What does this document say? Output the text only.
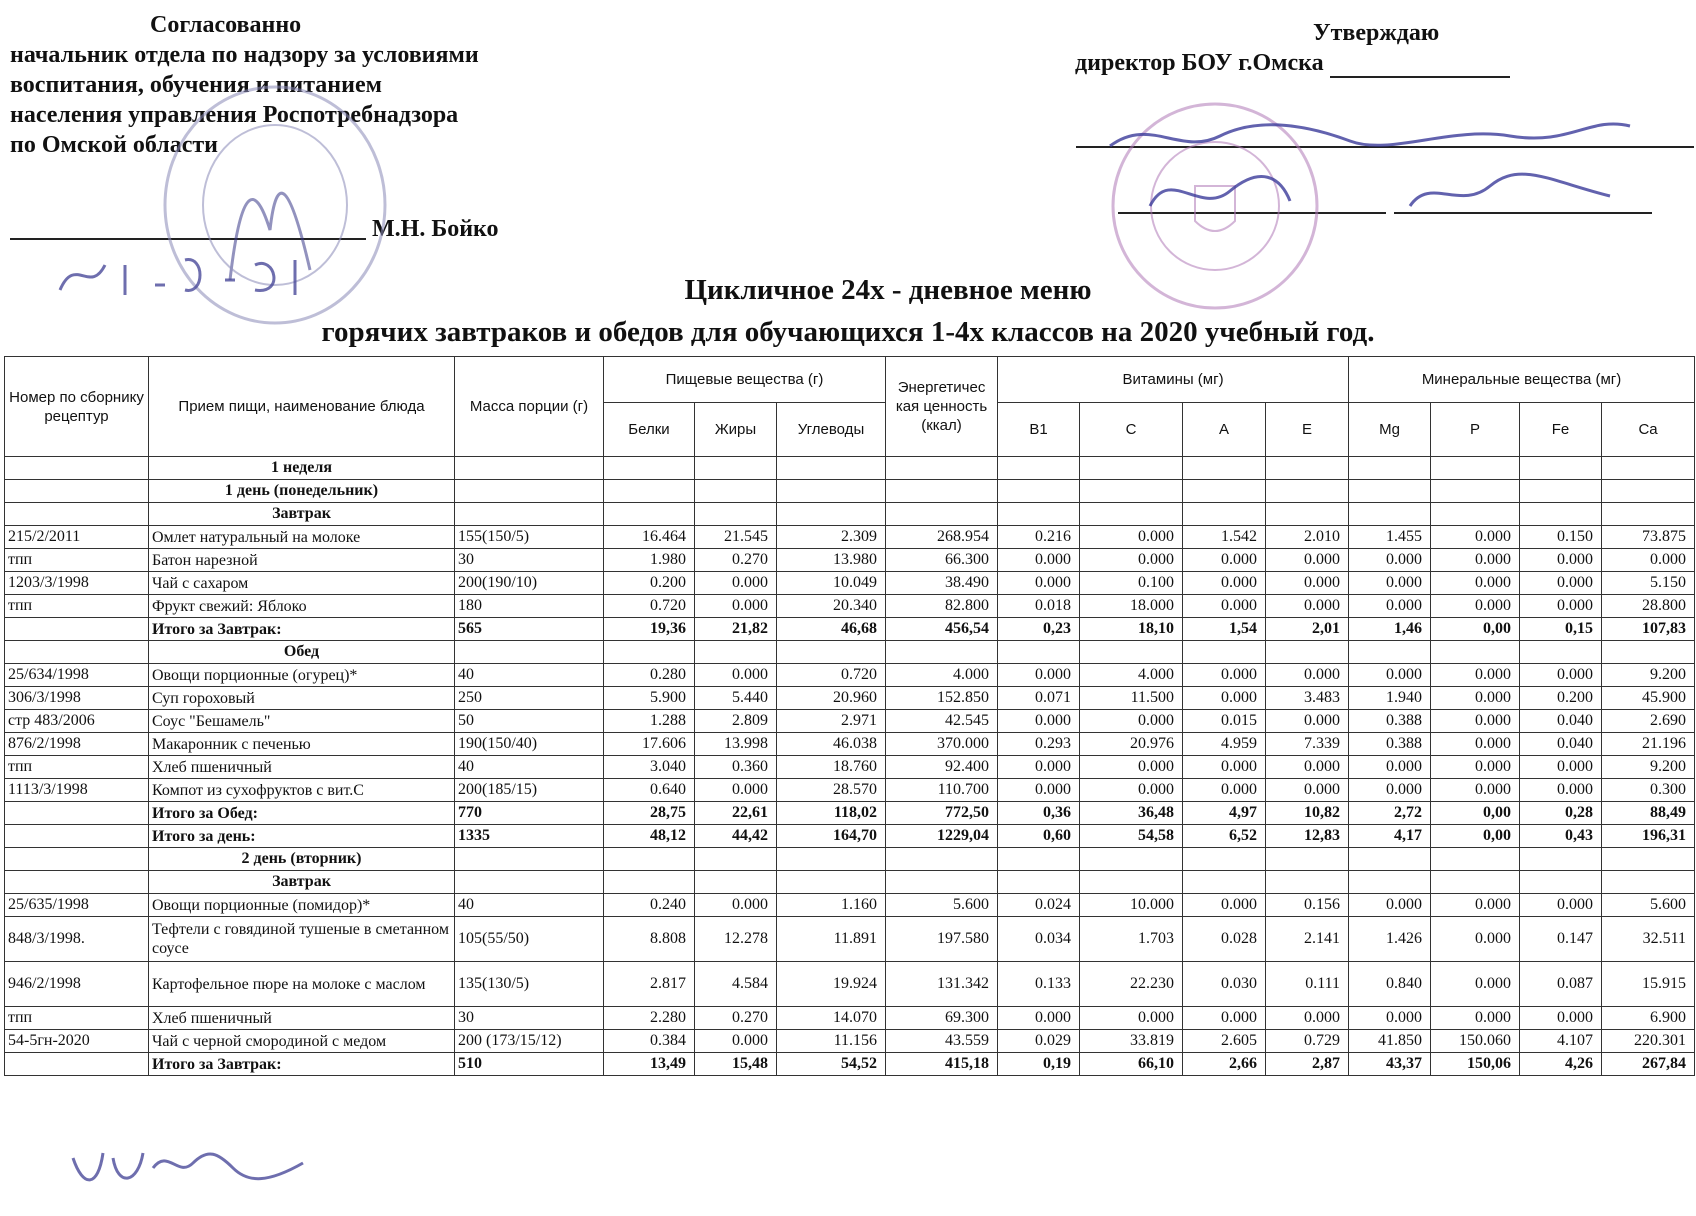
Согласованно
начальник отдела по надзору за условиями
воспитания, обучения и питанием
населения управления Роспотребнадзора
по Омской области
М.Н. Бойко
Утверждаю
директор БОУ г.Омска
Цикличное 24х - дневное меню
горячих завтраков и обедов для обучающихся 1-4х классов на 2020 учебный год.
Номер по сборнику рецептур	Прием пищи, наименование блюда	Масса порции (г)	Пищевые вещества (г)			Энергетичес кая ценность (ккал)	Витамины (мг)				Минеральные вещества (мг)			
			Белки	Жиры	Углеводы		B1	C	A	E	Mg	P	Fe	Ca
	1 неделя													
	1 день (понедельник)													
	Завтрак													
215/2/2011	Омлет натуральный на молоке	155(150/5)	16.464	21.545	2.309	268.954	0.216	0.000	1.542	2.010	1.455	0.000	0.150	73.875
тпп	Батон нарезной	30	1.980	0.270	13.980	66.300	0.000	0.000	0.000	0.000	0.000	0.000	0.000	0.000
1203/3/1998	Чай с сахаром	200(190/10)	0.200	0.000	10.049	38.490	0.000	0.100	0.000	0.000	0.000	0.000	0.000	5.150
тпп	Фрукт свежий: Яблоко	180	0.720	0.000	20.340	82.800	0.018	18.000	0.000	0.000	0.000	0.000	0.000	28.800
	Итого за Завтрак:	565	19,36	21,82	46,68	456,54	0,23	18,10	1,54	2,01	1,46	0,00	0,15	107,83
	Обед													
25/634/1998	Овощи порционные (огурец)*	40	0.280	0.000	0.720	4.000	0.000	4.000	0.000	0.000	0.000	0.000	0.000	9.200
306/3/1998	Суп гороховый	250	5.900	5.440	20.960	152.850	0.071	11.500	0.000	3.483	1.940	0.000	0.200	45.900
стр 483/2006	Соус "Бешамель"	50	1.288	2.809	2.971	42.545	0.000	0.000	0.015	0.000	0.388	0.000	0.040	2.690
876/2/1998	Макаронник с печенью	190(150/40)	17.606	13.998	46.038	370.000	0.293	20.976	4.959	7.339	0.388	0.000	0.040	21.196
тпп	Хлеб пшеничный	40	3.040	0.360	18.760	92.400	0.000	0.000	0.000	0.000	0.000	0.000	0.000	9.200
1113/3/1998	Компот из сухофруктов с вит.С	200(185/15)	0.640	0.000	28.570	110.700	0.000	0.000	0.000	0.000	0.000	0.000	0.000	0.300
	Итого за Обед:	770	28,75	22,61	118,02	772,50	0,36	36,48	4,97	10,82	2,72	0,00	0,28	88,49
	Итого за день:	1335	48,12	44,42	164,70	1229,04	0,60	54,58	6,52	12,83	4,17	0,00	0,43	196,31
	2 день (вторник)													
	Завтрак													
25/635/1998	Овощи порционные (помидор)*	40	0.240	0.000	1.160	5.600	0.024	10.000	0.000	0.156	0.000	0.000	0.000	5.600
848/3/1998.	Тефтели с говядиной тушеные в сметанном соусе	105(55/50)	8.808	12.278	11.891	197.580	0.034	1.703	0.028	2.141	1.426	0.000	0.147	32.511
946/2/1998	Картофельное пюре на молоке с маслом	135(130/5)	2.817	4.584	19.924	131.342	0.133	22.230	0.030	0.111	0.840	0.000	0.087	15.915
тпп	Хлеб пшеничный	30	2.280	0.270	14.070	69.300	0.000	0.000	0.000	0.000	0.000	0.000	0.000	6.900
54-5гн-2020	Чай с черной смородиной с медом	200 (173/15/12)	0.384	0.000	11.156	43.559	0.029	33.819	2.605	0.729	41.850	150.060	4.107	220.301
	Итого за Завтрак:	510	13,49	15,48	54,52	415,18	0,19	66,10	2,66	2,87	43,37	150,06	4,26	267,84
